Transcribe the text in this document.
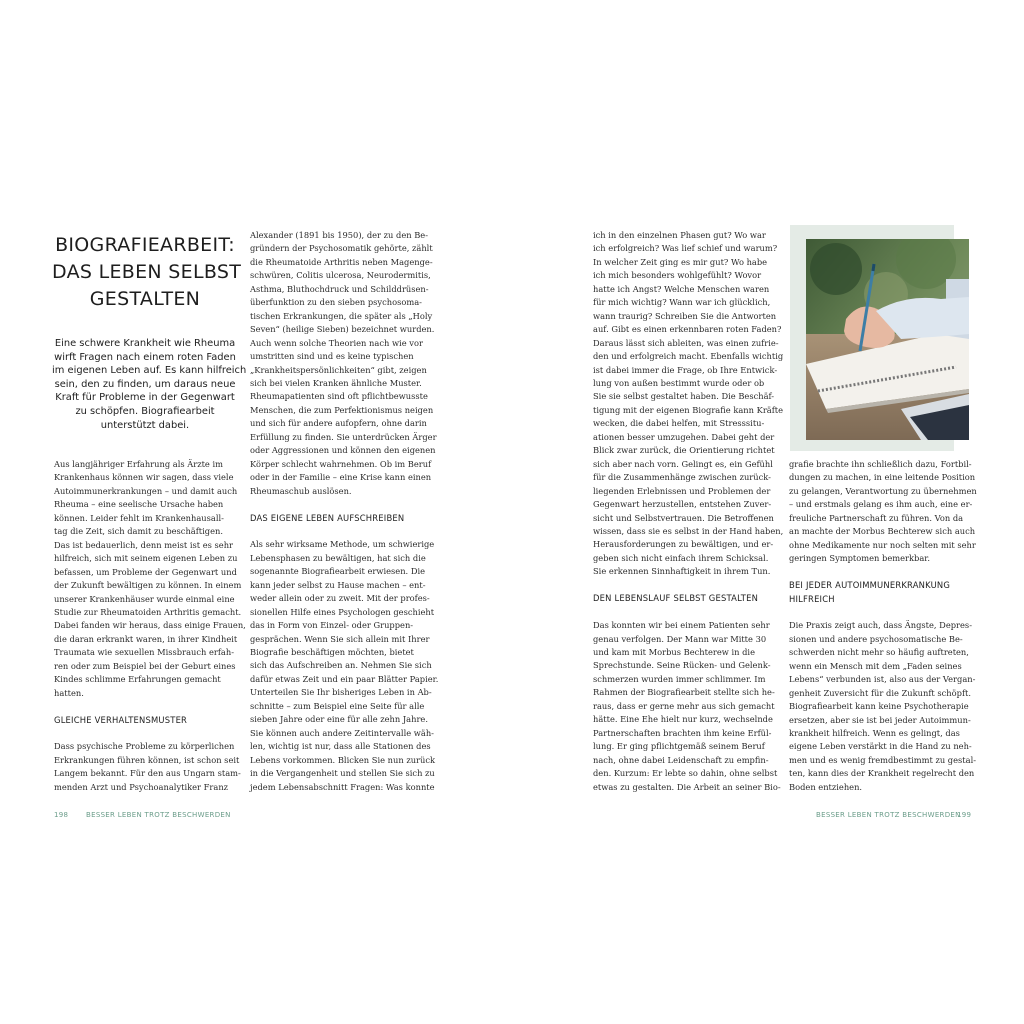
BIOGRAFIEARBEIT:
DAS LEBEN SELBST
GESTALTEN
Eine schwere Krankheit wie Rheuma
wirft Fragen nach einem roten Faden
im eigenen Leben auf. Es kann hilfreich
sein, den zu finden, um daraus neue
Kraft für Probleme in der Gegenwart
zu schöpfen. Biografiearbeit
unterstützt dabei.
Aus langjähriger Erfahrung als Ärzte im
Krankenhaus können wir sagen, dass viele
Autoimmunerkrankungen – und damit auch
Rheuma – eine seelische Ursache haben
können. Leider fehlt im Krankenhausall-
tag die Zeit, sich damit zu beschäftigen.
Das ist bedauerlich, denn meist ist es sehr
hilfreich, sich mit seinem eigenen Leben zu
befassen, um Probleme der Gegenwart und
der Zukunft bewältigen zu können. In einem
unserer Krankenhäuser wurde einmal eine
Studie zur Rheumatoiden Arthritis gemacht.
Dabei fanden wir heraus, dass einige Frauen,
die daran erkrankt waren, in ihrer Kindheit
Traumata wie sexuellen Missbrauch erfah-
ren oder zum Beispiel bei der Geburt eines
Kindes schlimme Erfahrungen gemacht
hatten.

GLEICHE VERHALTENSMUSTER

Dass psychische Probleme zu körperlichen
Erkrankungen führen können, ist schon seit
Langem bekannt. Für den aus Ungarn stam-
menden Arzt und Psychoanalytiker Franz
Alexander (1891 bis 1950), der zu den Be-
gründern der Psychosomatik gehörte, zählt
die Rheumatoide Arthritis neben Magenge-
schwüren, Colitis ulcerosa, Neurodermitis,
Asthma, Bluthochdruck und Schilddrüsen-
überfunktion zu den sieben psychosoma-
tischen Erkrankungen, die später als „Holy
Seven“ (heilige Sieben) bezeichnet wurden.
Auch wenn solche Theorien nach wie vor
umstritten sind und es keine typischen
„Krankheitspersönlichkeiten“ gibt, zeigen
sich bei vielen Kranken ähnliche Muster.
Rheumapatienten sind oft pflichtbewusste
Menschen, die zum Perfektionismus neigen
und sich für andere aufopfern, ohne darin
Erfüllung zu finden. Sie unterdrücken Ärger
oder Aggressionen und können den eigenen
Körper schlecht wahrnehmen. Ob im Beruf
oder in der Familie – eine Krise kann einen
Rheumaschub auslösen.

DAS EIGENE LEBEN AUFSCHREIBEN

Als sehr wirksame Methode, um schwierige
Lebensphasen zu bewältigen, hat sich die
sogenannte Biografiearbeit erwiesen. Die
kann jeder selbst zu Hause machen – ent-
weder allein oder zu zweit. Mit der profes-
sionellen Hilfe eines Psychologen geschieht
das in Form von Einzel- oder Gruppen-
gesprächen. Wenn Sie sich allein mit Ihrer
Biografie beschäftigen möchten, bietet
sich das Aufschreiben an. Nehmen Sie sich
dafür etwas Zeit und ein paar Blätter Papier.
Unterteilen Sie Ihr bisheriges Leben in Ab-
schnitte – zum Beispiel eine Seite für alle
sieben Jahre oder eine für alle zehn Jahre.
Sie können auch andere Zeitintervalle wäh-
len, wichtig ist nur, dass alle Stationen des
Lebens vorkommen. Blicken Sie nun zurück
in die Vergangenheit und stellen Sie sich zu
jedem Lebensabschnitt Fragen: Was konnte
198	BESSER LEBEN TROTZ BESCHWERDEN
ich in den einzelnen Phasen gut? Wo war
ich erfolgreich? Was lief schief und warum?
In welcher Zeit ging es mir gut? Wo habe
ich mich besonders wohlgefühlt? Wovor
hatte ich Angst? Welche Menschen waren
für mich wichtig? Wann war ich glücklich,
wann traurig? Schreiben Sie die Antworten
auf. Gibt es einen erkennbaren roten Faden?
Daraus lässt sich ableiten, was einen zufrie-
den und erfolgreich macht. Ebenfalls wichtig
ist dabei immer die Frage, ob Ihre Entwick-
lung von außen bestimmt wurde oder ob
Sie sie selbst gestaltet haben. Die Beschäf-
tigung mit der eigenen Biografie kann Kräfte
wecken, die dabei helfen, mit Stresssitu-
ationen besser umzugehen. Dabei geht der
Blick zwar zurück, die Orientierung richtet
sich aber nach vorn. Gelingt es, ein Gefühl
für die Zusammenhänge zwischen zurück-
liegenden Erlebnissen und Problemen der
Gegenwart herzustellen, entstehen Zuver-
sicht und Selbstvertrauen. Die Betroffenen
wissen, dass sie es selbst in der Hand haben,
Herausforderungen zu bewältigen, und er-
geben sich nicht einfach ihrem Schicksal.
Sie erkennen Sinnhaftigkeit in ihrem Tun.

DEN LEBENSLAUF SELBST GESTALTEN

Das konnten wir bei einem Patienten sehr
genau verfolgen. Der Mann war Mitte 30
und kam mit Morbus Bechterew in die
Sprechstunde. Seine Rücken- und Gelenk-
schmerzen wurden immer schlimmer. Im
Rahmen der Biografiearbeit stellte sich he-
raus, dass er gerne mehr aus sich gemacht
hätte. Eine Ehe hielt nur kurz, wechselnde
Partnerschaften brachten ihm keine Erfül-
lung. Er ging pflichtgemäß seinem Beruf
nach, ohne dabei Leidenschaft zu empfin-
den. Kurzum: Er lebte so dahin, ohne selbst
etwas zu gestalten. Die Arbeit an seiner Bio-
grafie brachte ihn schließlich dazu, Fortbil-
dungen zu machen, in eine leitende Position
zu gelangen, Verantwortung zu übernehmen
– und erstmals gelang es ihm auch, eine er-
freuliche Partnerschaft zu führen. Von da
an machte der Morbus Bechterew sich auch
ohne Medikamente nur noch selten mit sehr
geringen Symptomen bemerkbar.
BEI JEDER AUTOIMMUNERKRANKUNG
HILFREICH
Die Praxis zeigt auch, dass Ängste, Depres-
sionen und andere psychosomatische Be-
schwerden nicht mehr so häufig auftreten,
wenn ein Mensch mit dem „Faden seines
Lebens“ verbunden ist, also aus der Vergan-
genheit Zuversicht für die Zukunft schöpft.
Biografiearbeit kann keine Psychotherapie
ersetzen, aber sie ist bei jeder Autoimmun-
krankheit hilfreich. Wenn es gelingt, das
eigene Leben verstärkt in die Hand zu neh-
men und es wenig fremdbestimmt zu gestal-
ten, kann dies der Krankheit regelrecht den
Boden entziehen.
BESSER LEBEN TROTZ BESCHWERDEN
199
